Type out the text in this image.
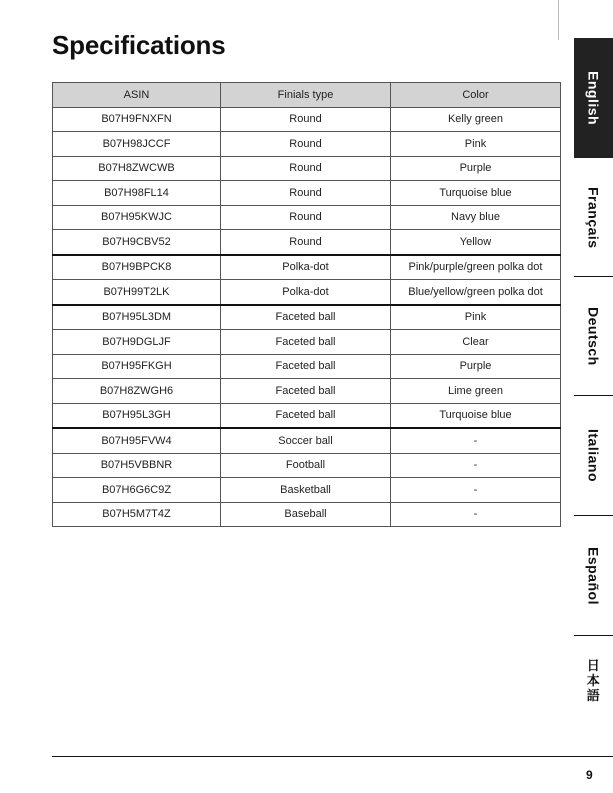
Specifications
ASIN	Finials type	Color
B07H9FNXFN	Round	Kelly green
B07H98JCCF	Round	Pink
B07H8ZWCWB	Round	Purple
B07H98FL14	Round	Turquoise blue
B07H95KWJC	Round	Navy blue
B07H9CBV52	Round	Yellow
B07H9BPCK8	Polka-dot	Pink/purple/green polka dot
B07H99T2LK	Polka-dot	Blue/yellow/green polka dot
B07H95L3DM	Faceted ball	Pink
B07H9DGLJF	Faceted ball	Clear
B07H95FKGH	Faceted ball	Purple
B07H8ZWGH6	Faceted ball	Lime green
B07H95L3GH	Faceted ball	Turquoise blue
B07H95FVW4	Soccer ball	-
B07H5VBBNR	Football	-
B07H6G6C9Z	Basketball	-
B07H5M7T4Z	Baseball	-
English
Français
Deutsch
Italiano
Español
日本語
9
